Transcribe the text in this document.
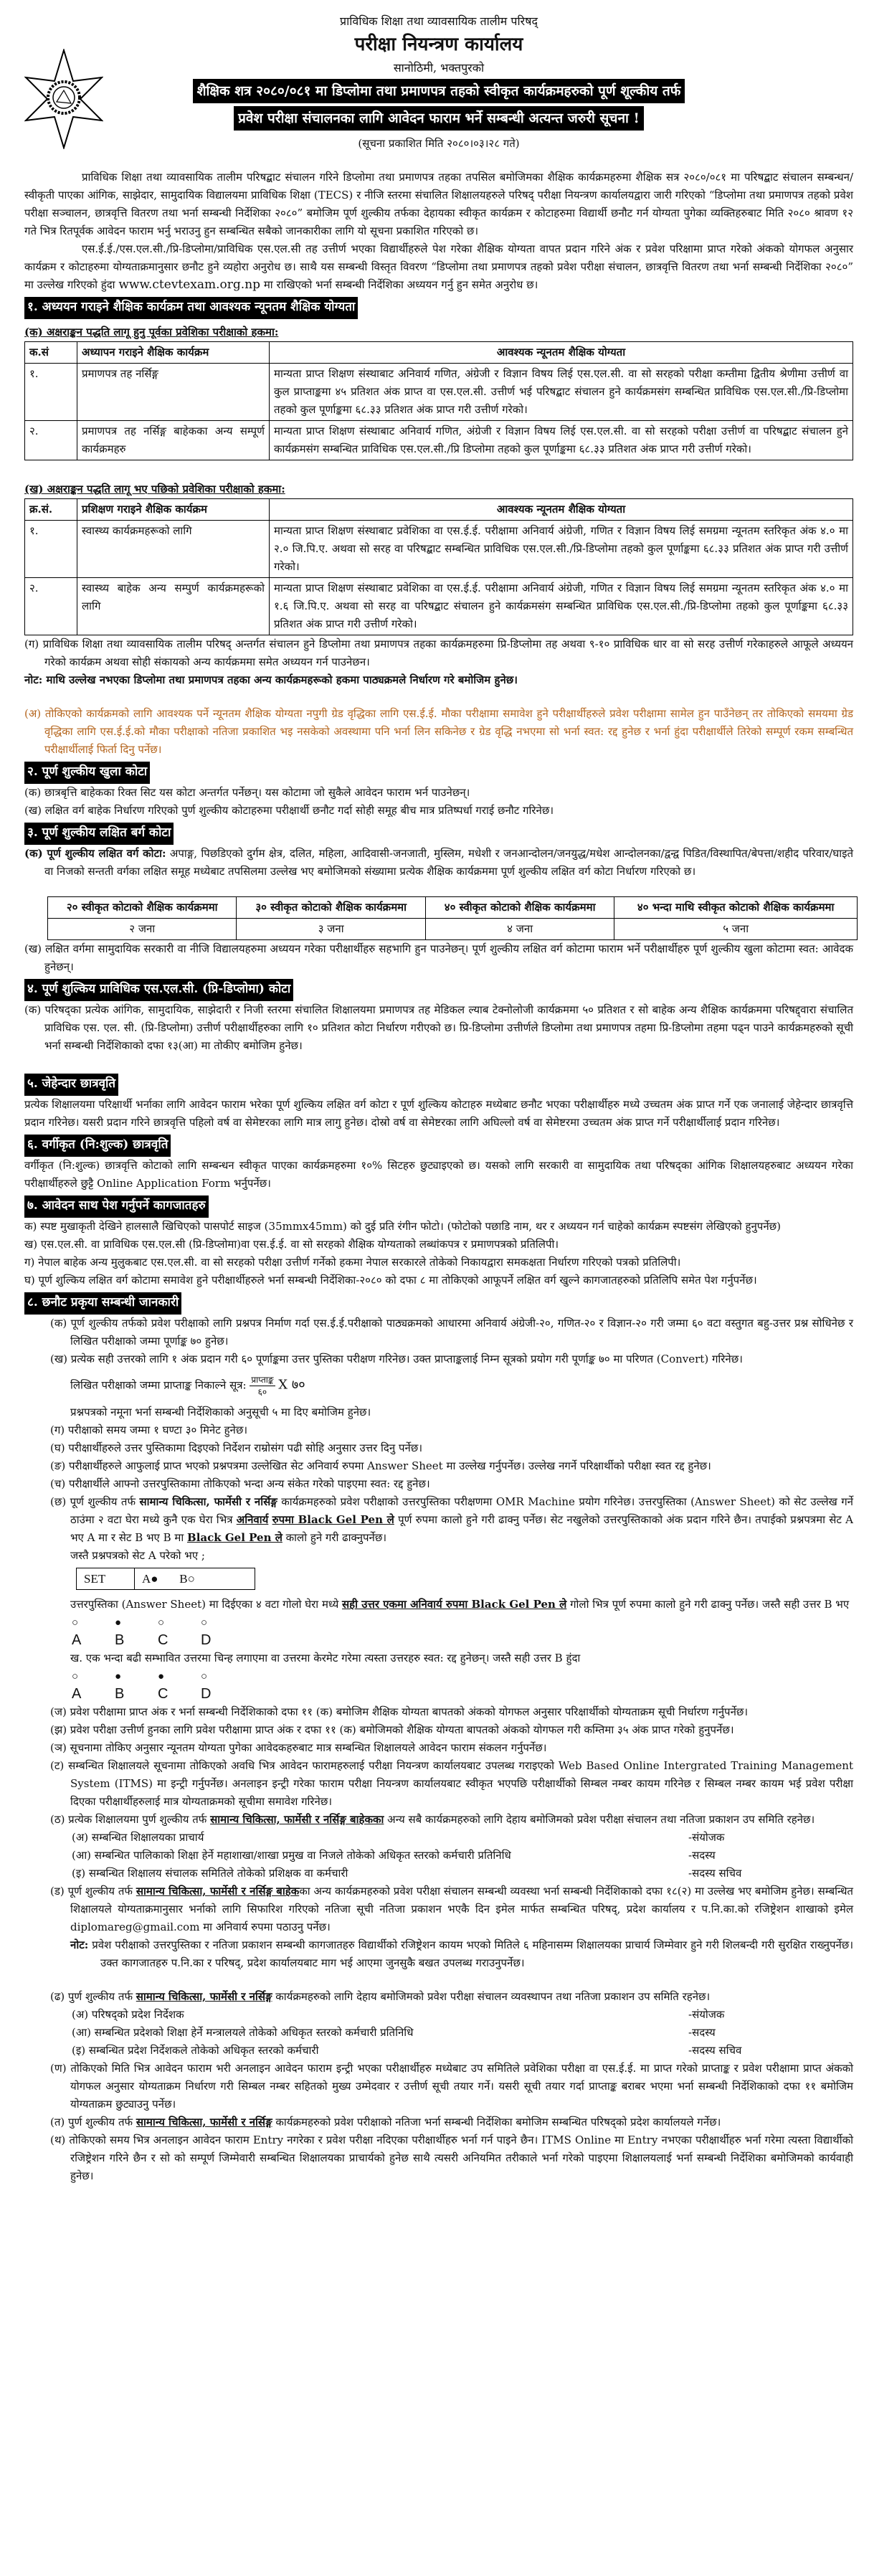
प्राविधिक शिक्षा तथा व्यावसायिक तालीम परिषद्
परीक्षा नियन्त्रण कार्यालय
सानोठिमी, भक्तपुरको
शैक्षिक शत्र २०८०/०८१ मा डिप्लोमा तथा प्रमाणपत्र तहको स्वीकृत कार्यक्रमहरुको पूर्ण शूल्कीय तर्फ
प्रवेश परीक्षा संचालनका लागि आवेदन फाराम भर्ने सम्बन्धी अत्यन्त जरुरी सूचना !
(सूचना प्रकाशित मिति २०८०।०३।२८ गते)

प्राविधिक शिक्षा तथा व्यावसायिक तालीम परिषद्बाट संचालन गरिने डिप्लोमा तथा प्रमाणपत्र तहका तपसिल बमोजिमका शैक्षिक कार्यक्रमहरुमा शैक्षिक सत्र २०८०/०८१ मा परिषद्बाट संचालन सम्बन्धन/स्वीकृती पाएका आंगिक, साझेदार, सामुदायिक विद्यालयमा प्राविधिक शिक्षा (TECS) र नीजि स्तरमा संचालित शिक्षालयहरुले परिषद् परीक्षा नियन्त्रण कार्यालयद्वारा जारी गरिएको “डिप्लोमा तथा प्रमाणपत्र तहको प्रवेश परीक्षा सञ्चालन, छात्रवृत्ति वितरण तथा भर्ना सम्बन्धी निर्देशिका २०८०” बमोजिम पूर्ण शुल्कीय तर्फका देहायका स्वीकृत कार्यक्रम र कोटाहरुमा विद्यार्थी छनौट गर्न योग्यता पुगेका व्यक्तिहरुबाट मिति २०८० श्रावण १२ गते भित्र रितपूर्वक आवेदन फाराम भर्नु भराउनु हुन सम्बन्धित सबैको जानकारीका लागि यो सूचना प्रकाशित गरिएको छ।

एस.ई.ई./एस.एल.सी./प्रि-डिप्लोमा/प्राविधिक एस.एल.सी तह उत्तीर्ण भएका विद्यार्थीहरुले पेश गरेका शैक्षिक योग्यता वापत प्रदान गरिने अंक र प्रवेश परिक्षामा प्राप्त गरेको अंकको योगफल अनुसार कार्यक्रम र कोटाहरुमा योग्यताक्रमानुसार छनौट हुने व्यहोरा अनुरोध छ। साथै यस सम्बन्धी विस्तृत विवरण “डिप्लोमा तथा प्रमाणपत्र तहको प्रवेश परीक्षा संचालन, छात्रवृत्ति वितरण तथा भर्ना सम्बन्धी निर्देशिका २०८०” मा उल्लेख गरिएको हुंदा www.ctevtexam.org.np मा राखिएको भर्ना सम्बन्धी निर्देशिका अध्ययन गर्नु हुन समेत अनुरोध छ।

१. अध्ययन गराइने शैक्षिक कार्यक्रम तथा आवश्यक न्यूनतम शैक्षिक योग्यता
(क) अक्षराङ्कन पद्धति लागू हुनु पूर्वका प्रवेशिका परीक्षाको हकमा:
क.सं	अध्यापन गराइने शैक्षिक कार्यक्रम	आवश्यक न्यूनतम शैक्षिक योग्यता
१.	प्रमाणपत्र तह नर्सिङ्ग	मान्यता प्राप्त शिक्षण संस्थाबाट अनिवार्य गणित, अंग्रेजी र विज्ञान विषय लिई एस.एल.सी. वा सो सरहको परीक्षा कम्तीमा द्वितीय श्रेणीमा उत्तीर्ण वा कुल प्राप्ताङ्कमा ४५ प्रतिशत अंक प्राप्त वा एस.एल.सी. उत्तीर्ण भई परिषद्बाट संचालन हुने कार्यक्रमसंग सम्बन्धित प्राविधिक एस.एल.सी./प्रि-डिप्लोमा तहको कुल पूर्णाङ्कमा ६८.३३ प्रतिशत अंक प्राप्त गरी उत्तीर्ण गरेको।
२.	प्रमाणपत्र तह नर्सिङ्ग बाहेकका अन्य सम्पूर्ण कार्यक्रमहरु	मान्यता प्राप्त शिक्षण संस्थाबाट अनिवार्य गणित, अंग्रेजी र विज्ञान विषय लिई एस.एल.सी. वा सो सरहको परीक्षा उत्तीर्ण वा परिषद्बाट संचालन हुने कार्यक्रमसंग सम्बन्धित प्राविधिक एस.एल.सी./प्रि डिप्लोमा तहको कुल पूर्णाङ्कमा ६८.३३ प्रतिशत अंक प्राप्त गरी उत्तीर्ण गरेको।
(ख) अक्षराङ्कन पद्धति लागू भए पछिको प्रवेशिका परीक्षाको हकमा:
क्र.सं.	प्रशिक्षण गराइने शैक्षिक कार्यक्रम	आवश्यक न्यूनतम शैक्षिक योग्यता
१.	स्वास्थ्य कार्यक्रमहरूको लागि	मान्यता प्राप्त शिक्षण संस्थाबाट प्रवेशिका वा एस.ई.ई. परीक्षामा अनिवार्य अंग्रेजी, गणित र विज्ञान विषय लिई समग्रमा न्यूनतम स्तरिकृत अंक ४.० मा २.० जि.पि.ए. अथवा सो सरह वा परिषद्बाट सम्बन्धित प्राविधिक एस.एल.सी./प्रि-डिप्लोमा तहको कुल पूर्णाङ्कमा ६८.३३ प्रतिशत अंक प्राप्त गरी उत्तीर्ण गरेको।
२.	स्वास्थ्य बाहेक अन्य सम्पुर्ण कार्यक्रमहरूको लागि	मान्यता प्राप्त शिक्षण संस्थाबाट प्रवेशिका वा एस.ई.ई. परीक्षामा अनिवार्य अंग्रेजी, गणित र विज्ञान विषय लिई समग्रमा न्यूनतम स्तरिकृत अंक ४.० मा १.६ जि.पि.ए. अथवा सो सरह वा परिषद्बाट संचालन हुने कार्यक्रमसंग सम्बन्धित प्राविधिक एस.एल.सी./प्रि-डिप्लोमा तहको कुल पूर्णाङ्कमा ६८.३३ प्रतिशत अंक प्राप्त गरी उत्तीर्ण गरेको।

(ग) प्राविधिक शिक्षा तथा व्यावसायिक तालीम परिषद् अन्तर्गत संचालन हुने डिप्लोमा तथा प्रमाणपत्र तहका कार्यक्रमहरुमा प्रि-डिप्लोमा तह अथवा ९-१० प्राविधिक धार वा सो सरह उत्तीर्ण गरेकाहरुले आफूले अध्ययन गरेको कार्यक्रम अथवा सोही संकायको अन्य कार्यक्रममा समेत अध्ययन गर्न पाउनेछन।

नोट: माथि उल्लेख नभएका डिप्लोमा तथा प्रमाणपत्र तहका अन्य कार्यक्रमहरूको हकमा पाठ्यक्रमले निर्धारण गरे बमोजिम हुनेछ।

(अ) तोकिएको कार्यक्रमको लागि आवश्यक पर्ने न्यूनतम शैक्षिक योग्यता नपुगी ग्रेड वृद्धिका लागि एस.ई.ई. मौका परीक्षामा समावेश हुने परीक्षार्थीहरुले प्रवेश परीक्षामा सामेल हुन पाउँनेछन् तर तोकिएको समयमा ग्रेड वृद्धिका लागि एस.ई.ई.को मौका परीक्षाको नतिजा प्रकाशित भइ नसकेको अवस्थामा पनि भर्ना लिन सकिनेछ र ग्रेड वृद्धि नभएमा सो भर्ना स्वत: रद्द हुनेछ र भर्ना हुंदा परीक्षार्थीले तिरेको सम्पूर्ण रकम सम्बन्धित परीक्षार्थीलाई फिर्ता दिनु पर्नेछ।

२. पूर्ण शुल्कीय खुला कोटा

(क) छात्रबृत्ति बाहेकका रिक्त सिट यस कोटा अन्तर्गत पर्नेछन्। यस कोटामा जो सुकैले आवेदन फाराम भर्न पाउनेछन्।

(ख) लक्षित वर्ग बाहेक निर्धारण गरिएको पुर्ण शुल्कीय कोटाहरुमा परीक्षार्थी छनौट गर्दा सोही समूह बीच मात्र प्रतिष्पर्धा गराई छनौट गरिनेछ।

३. पूर्ण शुल्कीय लक्षित बर्ग कोटा

(क) पूर्ण शुल्कीय लक्षित वर्ग कोटा: अपाङ्ग, पिछडिएको दुर्गम क्षेत्र, दलित, महिला, आदिवासी-जनजाती, मुस्लिम, मधेशी र जनआन्दोलन/जनयुद्ध/मधेश आन्दोलनका/द्वन्द्व पिडित/विस्थापित/बेपत्ता/शहीद परिवार/घाइते वा निजको सन्तती वर्गका लक्षित समूह मध्येबाट तपसिलमा उल्लेख भए बमोजिमको संख्यामा प्रत्येक शैक्षिक कार्यक्रममा पूर्ण शुल्कीय लक्षित वर्ग कोटा निर्धारण गरिएको छ।

२० स्वीकृत कोटाको शैक्षिक कार्यक्रममा	३० स्वीकृत कोटाको शैक्षिक कार्यक्रममा	४० स्वीकृत कोटाको शैक्षिक कार्यक्रममा	४० भन्दा माथि स्वीकृत कोटाको शैक्षिक कार्यक्रममा
२ जना	३ जना	४ जना	५ जना

(ख) लक्षित वर्गमा सामुदायिक सरकारी वा नीजि विद्यालयहरुमा अध्ययन गरेका परीक्षार्थीहरु सहभागि हुन पाउनेछन्। पूर्ण शुल्कीय लक्षित वर्ग कोटामा फाराम भर्ने परीक्षार्थीहरु पूर्ण शुल्कीय खुला कोटामा स्वत: आवेदक हुनेछन्।

४. पूर्ण शुल्किय प्राविधिक एस.एल.सी. (प्रि-डिप्लोमा) कोटा

(क) परिषद्का प्रत्येक आंगिक, सामुदायिक, साझेदारी र निजी स्तरमा संचालित शिक्षालयमा प्रमाणपत्र तह मेडिकल ल्याब टेक्नोलोजी कार्यक्रममा ५० प्रतिशत र सो बाहेक अन्य शैक्षिक कार्यक्रममा परिषद्द्वारा संचालित प्राविधिक एस. एल. सी. (प्रि-डिप्लोमा) उत्तीर्ण परीक्षार्थीहरुका लागि १० प्रतिशत कोटा निर्धारण गरीएको छ। प्रि-डिप्लोमा उत्तीर्णले डिप्लोमा तथा प्रमाणपत्र तहमा प्रि-डिप्लोमा तहमा पढ्न पाउने कार्यक्रमहरुको सूची भर्ना सम्बन्धी निर्देशिकाको दफा १३(आ) मा तोकीए बमोजिम हुनेछ।

५. जेहेन्दार छात्रवृति

प्रत्येक शिक्षालयमा परिक्षार्थी भर्नाका लागि आवेदन फाराम भरेका पूर्ण शुल्किय लक्षित वर्ग कोटा र पूर्ण शुल्किय कोटाहरु मध्येबाट छनौट भएका परीक्षार्थीहरु मध्ये उच्चतम अंक प्राप्त गर्ने एक जनालाई जेहेन्दार छात्रवृत्ति प्रदान गरिनेछ। यसरी प्रदान गरिने छात्रवृत्ति पहिलो वर्ष वा सेमेष्टरका लागि मात्र लागु हुनेछ। दोस्रो वर्ष वा सेमेष्टरका लागि अघिल्लो वर्ष वा सेमेष्टरमा उच्चतम अंक प्राप्त गर्ने परीक्षार्थीलाई प्रदान गरिनेछ।

६. वर्गीकृत (नि:शुल्क) छात्रवृति

वर्गीकृत (नि:शुल्क) छात्रवृत्ति कोटाको लागि सम्बन्धन स्वीकृत पाएका कार्यक्रमहरुमा १०% सिटहरु छुट्याइएको छ। यसको लागि सरकारी वा सामुदायिक तथा परिषद्का आंगिक शिक्षालयहरुबाट अध्ययन गरेका परीक्षार्थीहरुले छुट्टै Online Application Form भर्नुपर्नेछ।

७. आवेदन साथ पेश गर्नुपर्ने कागजातहरु

क) स्पष्ट मुखाकृती देखिने हालसालै खिचिएको पासपोर्ट साइज (35mmx45mm) को दुई प्रति रंगीन फोटो। (फोटोको पछाडि नाम, थर र अध्ययन गर्न चाहेको कार्यक्रम स्पष्टसंग लेखिएको हुनुपर्नेछ)

ख) एस.एल.सी. वा प्राविधिक एस.एल.सी (प्रि-डिप्लोमा)वा एस.ई.ई. वा सो सरहको शैक्षिक योग्यताको लब्धांकपत्र र प्रमाणपत्रको प्रतिलिपी।

ग) नेपाल बाहेक अन्य मुलुकबाट एस.एल.सी. वा सो सरहको परीक्षा उत्तीर्ण गर्नेको हकमा नेपाल सरकारले तोकेको निकायद्वारा समकक्षता निर्धारण गरिएको पत्रको प्रतिलिपी।

घ) पूर्ण शुल्किय लक्षित वर्ग कोटामा समावेश हुने परीक्षार्थीहरुले भर्ना सम्बन्धी निर्देशिका-२०८० को दफा ८ मा तोकिएको आफूपर्ने लक्षित वर्ग खुल्ने कागजातहरुको प्रतिलिपि समेत पेश गर्नुपर्नेछ।

८. छनौट प्रकृया सम्बन्धी जानकारी

(क) पूर्ण शुल्कीय तर्फको प्रवेश परीक्षाको लागि प्रश्नपत्र निर्माण गर्दा एस.ई.ई.परीक्षाको पाठ्यक्रमको आधारमा अनिवार्य अंग्रेजी-२०, गणित-२० र विज्ञान-२० गरी जम्मा ६० वटा वस्तुगत बहु-उत्तर प्रश्न सोधिनेछ र लिखित परीक्षाको जम्मा पूर्णाङ्क ७० हुनेछ।

(ख) प्रत्येक सही उत्तरको लागि १ अंक प्रदान गरी ६० पूर्णाङ्कमा उत्तर पुस्तिका परीक्षण गरिनेछ। उक्त प्राप्ताङ्कलाई निम्न सूत्रको प्रयोग गरी पूर्णाङ्क ७० मा परिणत (Convert) गरिनेछ।

लिखित परीक्षाको जम्मा प्राप्ताङ्क निकाल्ने सूत्र: प्राप्ताङ्क
६० X ७०

प्रश्नपत्रको नमूना भर्ना सम्बन्धी निर्देशिकाको अनुसूची ५ मा दिए बमोजिम हुनेछ।

(ग) परीक्षाको समय जम्मा १ घण्टा ३० मिनेट हुनेछ।

(घ) परीक्षार्थीहरुले उत्तर पुस्तिकामा दिइएको निर्देशन राम्रोसंग पढी सोहि अनुसार उत्तर दिनु पर्नेछ।

(ङ) परीक्षार्थीहरुले आफुलाई प्राप्त भएको प्रश्नपत्रमा उल्लेखित सेट अनिवार्य रुपमा Answer Sheet मा उल्लेख गर्नुपर्नेछ। उल्लेख नगर्ने परिक्षार्थीको परीक्षा स्वत रद्द हुनेछ।

(च) परीक्षार्थीले आफ्नो उत्तरपुस्तिकामा तोकिएको भन्दा अन्य संकेत गरेको पाइएमा स्वत: रद्द हुनेछ।

(छ) पूर्ण शुल्कीय तर्फ सामान्य चिकित्सा, फार्मेसी र नर्सिङ्ग कार्यक्रमहरुको प्रवेश परीक्षाको उत्तरपुस्तिका परीक्षणमा OMR Machine प्रयोग गरिनेछ। उत्तरपुस्तिका (Answer Sheet) को सेट उल्लेख गर्ने ठाउंमा २ वटा घेरा मध्ये कुनै एक घेरा भित्र अनिवार्य रुपमा Black Gel Pen ले पूर्ण रुपमा कालो हुने गरी ढाक्नु पर्नेछ। सेट नखुलेको उत्तरपुस्तिकाको अंक प्रदान गरिने छैन। तपाईको प्रश्नपत्रमा सेट A भए A मा र सेट B भए B मा Black Gel Pen ले कालो हुने गरी ढाक्नुपर्नेछ।

जस्तै प्रश्नपत्रको सेट A परेको भए ;

SET	A● B○

उत्तरपुस्तिका (Answer Sheet) मा दिईएका ४ वटा गोलो घेरा मध्ये सही उत्तर एकमा अनिवार्य रुपमा Black Gel Pen ले गोलो भित्र पूर्ण रुपमा कालो हुने गरी ढाक्नु पर्नेछ। जस्तै सही उत्तर B भए

○	●	○	○
A	B	C	D

ख. एक भन्दा बढी सम्भावित उत्तरमा चिन्ह लगाएमा वा उत्तरमा केरमेट गरेमा त्यस्ता उत्तरहरु स्वत: रद्द हुनेछन्। जस्तै सही उत्तर B हुंदा

○	●	●	○
A	B	C	D

(ज) प्रवेश परीक्षामा प्राप्त अंक र भर्ना सम्बन्धी निर्देशिकाको दफा ११ (क) बमोजिम शैक्षिक योग्यता बापतको अंकको योगफल अनुसार परिक्षार्थीको योग्यताक्रम सूची निर्धारण गर्नुपर्नेछ।

(झ) प्रवेश परीक्षा उत्तीर्ण हुनका लागि प्रवेश परीक्षामा प्राप्त अंक र दफा ११ (क) बमोजिमको शैक्षिक योग्यता बापतको अंकको योगफल गरी कम्तिमा ३५ अंक प्राप्त गरेको हुनुपर्नेछ।

(ञ) सूचनामा तोकिए अनुसार न्यूनतम योग्यता पुगेका आवेदकहरुबाट मात्र सम्बन्धित शिक्षालयले आवेदन फाराम संकलन गर्नुपर्नेछ।

(ट) सम्बन्धित शिक्षालयले सूचनामा तोकिएको अवधि भित्र आवेदन फारामहरुलाई परीक्षा नियन्त्रण कार्यालयबाट उपलब्ध गराइएको Web Based Online Intergrated Training Management System (ITMS) मा इन्ट्री गर्नुपर्नेछ। अनलाइन इन्ट्री गरेका फाराम परीक्षा नियन्त्रण कार्यालयबाट स्वीकृत भएपछि परीक्षार्थीको सिम्बल नम्बर कायम गरिनेछ र सिम्बल नम्बर कायम भई प्रवेश परीक्षा दिएका परीक्षार्थीहरुलाई मात्र योग्यताक्रमको सूचीमा समावेश गरिनेछ।

(ठ) प्रत्येक शिक्षालयमा पुर्ण शुल्कीय तर्फ सामान्य चिकित्सा, फार्मेसी र नर्सिङ्ग बाहेकका अन्य सबै कार्यक्रमहरुको लागि देहाय बमोजिमको प्रवेश परीक्षा संचालन तथा नतिजा प्रकाशन उप समिति रहनेछ।

(अ) सम्बन्धित शिक्षालयका प्राचार्य	-संयोजक
(आ) सम्बन्धित पालिकाको शिक्षा हेर्ने महाशाखा/शाखा प्रमुख वा निजले तोकेको अधिकृत स्तरको कर्मचारी प्रतिनिधि	-सदस्य
(इ) सम्बन्धित शिक्षालय संचालक समितिले तोकेको प्रशिक्षक वा कर्मचारी	-सदस्य सचिव

(ड) पूर्ण शुल्कीय तर्फ सामान्य चिकित्सा, फार्मेसी र नर्सिङ्ग बाहेकका अन्य कार्यक्रमहरुको प्रवेश परीक्षा संचालन सम्बन्धी व्यवस्था भर्ना सम्बन्धी निर्देशिकाको दफा १८(२) मा उल्लेख भए बमोजिम हुनेछ। सम्बन्धित शिक्षालयले योग्यताक्रमानुसार भर्नाको लागि सिफारिश गरिएको नतिजा सूची नतिजा प्रकाशन भएकै दिन इमेल मार्फत सम्बन्धित परिषद्, प्रदेश कार्यालय र प.नि.का.को रजिष्ट्रेशन शाखाको इमेल diplomareg@gmail.com मा अनिवार्य रुपमा पठाउनु पर्नेछ।

नोट: प्रवेश परीक्षाको उत्तरपुस्तिका र नतिजा प्रकाशन सम्बन्धी कागजातहरु विद्यार्थीको रजिष्ट्रेशन कायम भएको मितिले ६ महिनासम्म शिक्षालयका प्राचार्य जिम्मेवार हुने गरी शिलबन्दी गरी सुरक्षित राख्नुपर्नेछ। उक्त कागजातहरु प.नि.का र परिषद्, प्रदेश कार्यालयबाट माग भई आएमा जुनसुकै बखत उपलब्ध गराउनुपर्नेछ।

(ढ) पुर्ण शुल्कीय तर्फ सामान्य चिकित्सा, फार्मेसी र नर्सिङ्ग कार्यक्रमहरुको लागि देहाय बमोजिमको प्रवेश परीक्षा संचालन व्यवस्थापन तथा नतिजा प्रकाशन उप समिति रहनेछ।

(अ) परिषद्को प्रदेश निर्देशक	-संयोजक
(आ) सम्बन्धित प्रदेशको शिक्षा हेर्ने मन्त्रालयले तोकेको अधिकृत स्तरको कर्मचारी प्रतिनिधि	-सदस्य
(इ) सम्बन्धित प्रदेश निर्देशकले तोकेको अधिकृत स्तरको कर्मचारी	-सदस्य सचिव

(ण) तोकिएको मिति भित्र आवेदन फाराम भरी अनलाइन आवेदन फाराम इन्ट्री भएका परीक्षार्थीहरु मध्येबाट उप समितिले प्रवेशिका परीक्षा वा एस.ई.ई. मा प्राप्त गरेको प्राप्ताङ्क र प्रवेश परीक्षामा प्राप्त अंकको योगफल अनुसार योग्यताक्रम निर्धारण गरी सिम्बल नम्बर सहितको मुख्य उम्मेदवार र उत्तीर्ण सूची तयार गर्ने। यसरी सूची तयार गर्दा प्राप्ताङ्क बराबर भएमा भर्ना सम्बन्धी निर्देशिकाको दफा ११ बमोजिम योग्यताक्रम छुट्याउनु पर्नेछ।

(त) पुर्ण शुल्कीय तर्फ सामान्य चिकित्सा, फार्मेसी र नर्सिङ्ग कार्यक्रमहरुको प्रवेश परीक्षाको नतिजा भर्ना सम्बन्धी निर्देशिका बमोजिम सम्बन्धित परिषद्को प्रदेश कार्यालयले गर्नेछ।

(थ) तोकिएको समय भित्र अनलाइन आवेदन फाराम Entry नगरेका र प्रवेश परीक्षा नदिएका परीक्षार्थीहरु भर्ना गर्न पाइने छैन। ITMS Online मा Entry नभएका परीक्षार्थीहरु भर्ना गरेमा त्यस्ता विद्यार्थीको रजिष्ट्रेशन गरिने छैन र सो को सम्पूर्ण जिम्मेवारी सम्बन्धित शिक्षालयका प्राचार्यको हुनेछ साथै त्यसरी अनियमित तरीकाले भर्ना गरेको पाइएमा शिक्षालयलाई भर्ना सम्बन्धी निर्देशिका बमोजिमको कार्यवाही हुनेछ।
